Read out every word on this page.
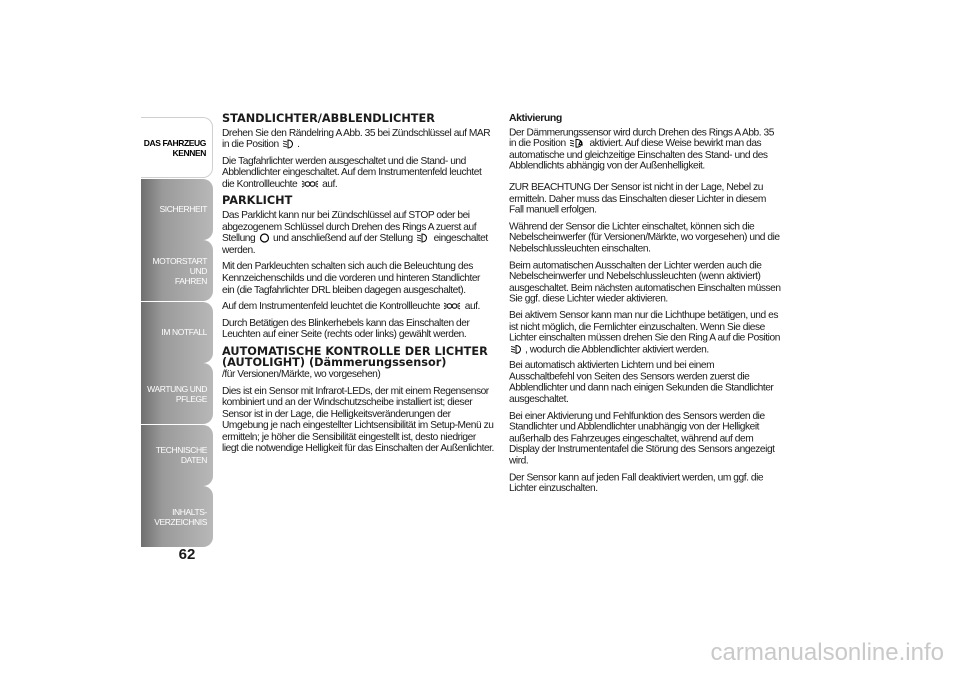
DAS FAHRZEUG
KENNEN
SICHERHEIT
MOTORSTART UND
FAHREN
IM NOTFALL
WARTUNG UND
PFLEGE
TECHNISCHE DATEN
INHALTS-
VERZEICHNIS
62
STANDLICHTER/ABBLENDLICHTER

Drehen Sie den Rändelring A Abb. 35 bei Zündschlüssel auf MAR in die Position .

Die Tagfahrlichter werden ausgeschaltet und die Stand- und Abblendlichter eingeschaltet. Auf dem Instrumentenfeld leuchtet die Kontrollleuchte auf.

PARKLICHT

Das Parklicht kann nur bei Zündschlüssel auf STOP oder bei abgezogenem Schlüssel durch Drehen des Rings A zuerst auf Stellung und anschließend auf der Stellung eingeschaltet werden.

Mit den Parkleuchten schalten sich auch die Beleuchtung des Kennzeichenschilds und die vorderen und hinteren Standlichter ein (die Tagfahrlichter DRL bleiben dagegen ausgeschaltet).

Auf dem Instrumentenfeld leuchtet die Kontrollleuchte auf.

Durch Betätigen des Blinkerhebels kann das Einschalten der Leuchten auf einer Seite (rechts oder links) gewählt werden.

AUTOMATISCHE KONTROLLE DER LICHTER (AUTOLIGHT) (Dämmerungssensor)

/für Versionen/Märkte, wo vorgesehen)

Dies ist ein Sensor mit Infrarot-LEDs, der mit einem Regensensor kombiniert und an der Windschutzscheibe installiert ist; dieser Sensor ist in der Lage, die Helligkeitsveränderungen der Umgebung je nach eingestellter Lichtsensibilität im Setup-Menü zu ermitteln; je höher die Sensibilität eingestellt ist, desto niedriger liegt die notwendige Helligkeit für das Einschalten der Außenlichter.

Aktivierung

Der Dämmerungssensor wird durch Drehen des Rings A Abb. 35 in die Position A aktiviert. Auf diese Weise bewirkt man das automatische und gleichzeitige Einschalten des Stand- und des Abblendlichts abhängig von der Außenhelligkeit.

ZUR BEACHTUNG Der Sensor ist nicht in der Lage, Nebel zu ermitteln. Daher muss das Einschalten dieser Lichter in diesem Fall manuell erfolgen.

Während der Sensor die Lichter einschaltet, können sich die Nebelscheinwerfer (für Versionen/Märkte, wo vorgesehen) und die Nebelschlussleuchten einschalten.

Beim automatischen Ausschalten der Lichter werden auch die Nebelscheinwerfer und Nebelschlussleuchten (wenn aktiviert) ausgeschaltet. Beim nächsten automatischen Einschalten müssen Sie ggf. diese Lichter wieder aktivieren.

Bei aktivem Sensor kann man nur die Lichthupe betätigen, und es ist nicht möglich, die Fernlichter einzuschalten. Wenn Sie diese Lichter einschalten müssen drehen Sie den Ring A auf die Position , wodurch die Abblendlichter aktiviert werden.

Bei automatisch aktivierten Lichtern und bei einem Ausschaltbefehl von Seiten des Sensors werden zuerst die Abblendlichter und dann nach einigen Sekunden die Standlichter ausgeschaltet.

Bei einer Aktivierung und Fehlfunktion des Sensors werden die Standlichter und Abblendlichter unabhängig von der Helligkeit außerhalb des Fahrzeuges eingeschaltet, während auf dem Display der Instrumententafel die Störung des Sensors angezeigt wird.

Der Sensor kann auf jeden Fall deaktiviert werden, um ggf. die Lichter einzuschalten.

carmanualsonline.info
